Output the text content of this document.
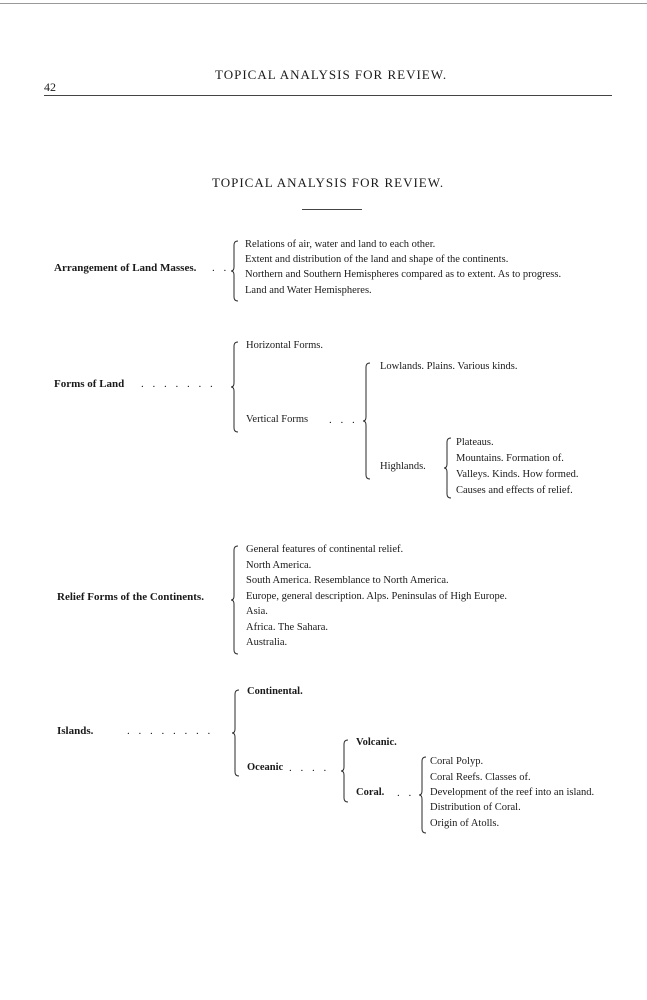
42
TOPICAL ANALYSIS FOR REVIEW.
TOPICAL ANALYSIS FOR REVIEW.
Arrangement of Land Masses. . .
Relations of air, water and land to each other.
Extent and distribution of the land and shape of the continents.
Northern and Southern Hemispheres compared as to extent. As to progress.
Land and Water Hemispheres.
Forms of Land . . . . . . .
Horizontal Forms.
Vertical Forms . . .
Lowlands. Plains. Various kinds.
Highlands.
Plateaus.
Mountains. Formation of.
Valleys. Kinds. How formed.
Causes and effects of relief.
Relief Forms of the Continents.
General features of continental relief.
North America.
South America. Resemblance to North America.
Europe, general description. Alps. Peninsulas of High Europe.
Asia.
Africa. The Sahara.
Australia.
Islands.	. . . . . . . .
Continental.
Oceanic . . . .
Volcanic.
Coral. . .
Coral Polyp.
Coral Reefs. Classes of.
Development of the reef into an island.
Distribution of Coral.
Origin of Atolls.
